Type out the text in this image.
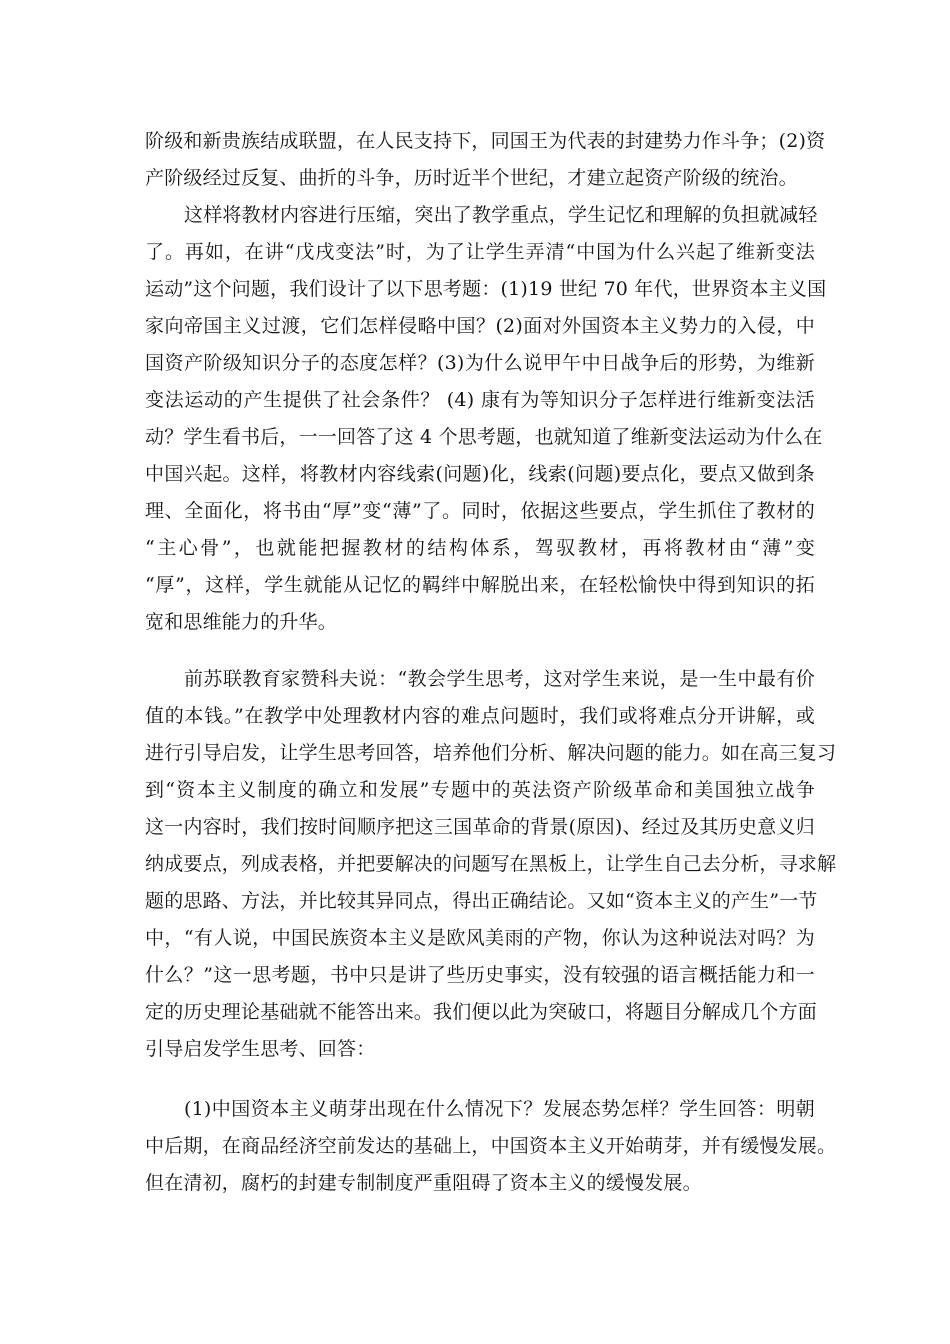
阶级和新贵族结成联盟，在人民支持下，同国王为代表的封建势力作斗争；(2)资
产阶级经过反复、曲折的斗争，历时近半个世纪，才建立起资产阶级的统治。
这样将教材内容进行压缩，突出了教学重点，学生记忆和理解的负担就减轻
了。再如，在讲“戊戌变法”时，为了让学生弄清“中国为什么兴起了维新变法
运动”这个问题，我们设计了以下思考题：(1)19 世纪 70 年代，世界资本主义国
家向帝国主义过渡，它们怎样侵略中国？(2)面对外国资本主义势力的入侵，中
国资产阶级知识分子的态度怎样？(3)为什么说甲午中日战争后的形势，为维新
变法运动的产生提供了社会条件？ (4) 康有为等知识分子怎样进行维新变法活
动？学生看书后，一一回答了这 4 个思考题，也就知道了维新变法运动为什么在
中国兴起。这样，将教材内容线索(问题)化，线索(问题)要点化，要点又做到条
理、全面化，将书由“厚”变“薄”了。同时，依据这些要点，学生抓住了教材的
“主心骨”，也就能把握教材的结构体系，驾驭教材，再将教材由“薄”变
“厚”，这样，学生就能从记忆的羁绊中解脱出来，在轻松愉快中得到知识的拓
宽和思维能力的升华。
前苏联教育家赞科夫说：“教会学生思考，这对学生来说，是一生中最有价
值的本钱。”在教学中处理教材内容的难点问题时，我们或将难点分开讲解，或
进行引导启发，让学生思考回答，培养他们分析、解决问题的能力。如在高三复习
到“资本主义制度的确立和发展”专题中的英法资产阶级革命和美国独立战争
这一内容时，我们按时间顺序把这三国革命的背景(原因)、经过及其历史意义归
纳成要点，列成表格，并把要解决的问题写在黑板上，让学生自己去分析，寻求解
题的思路、方法，并比较其异同点，得出正确结论。又如“资本主义的产生”一节
中，“有人说，中国民族资本主义是欧风美雨的产物，你认为这种说法对吗？为
什么？”这一思考题，书中只是讲了些历史事实，没有较强的语言概括能力和一
定的历史理论基础就不能答出来。我们便以此为突破口，将题目分解成几个方面
引导启发学生思考、回答：
(1)中国资本主义萌芽出现在什么情况下？发展态势怎样？学生回答：明朝
中后期，在商品经济空前发达的基础上，中国资本主义开始萌芽，并有缓慢发展。
但在清初，腐朽的封建专制制度严重阻碍了资本主义的缓慢发展。
